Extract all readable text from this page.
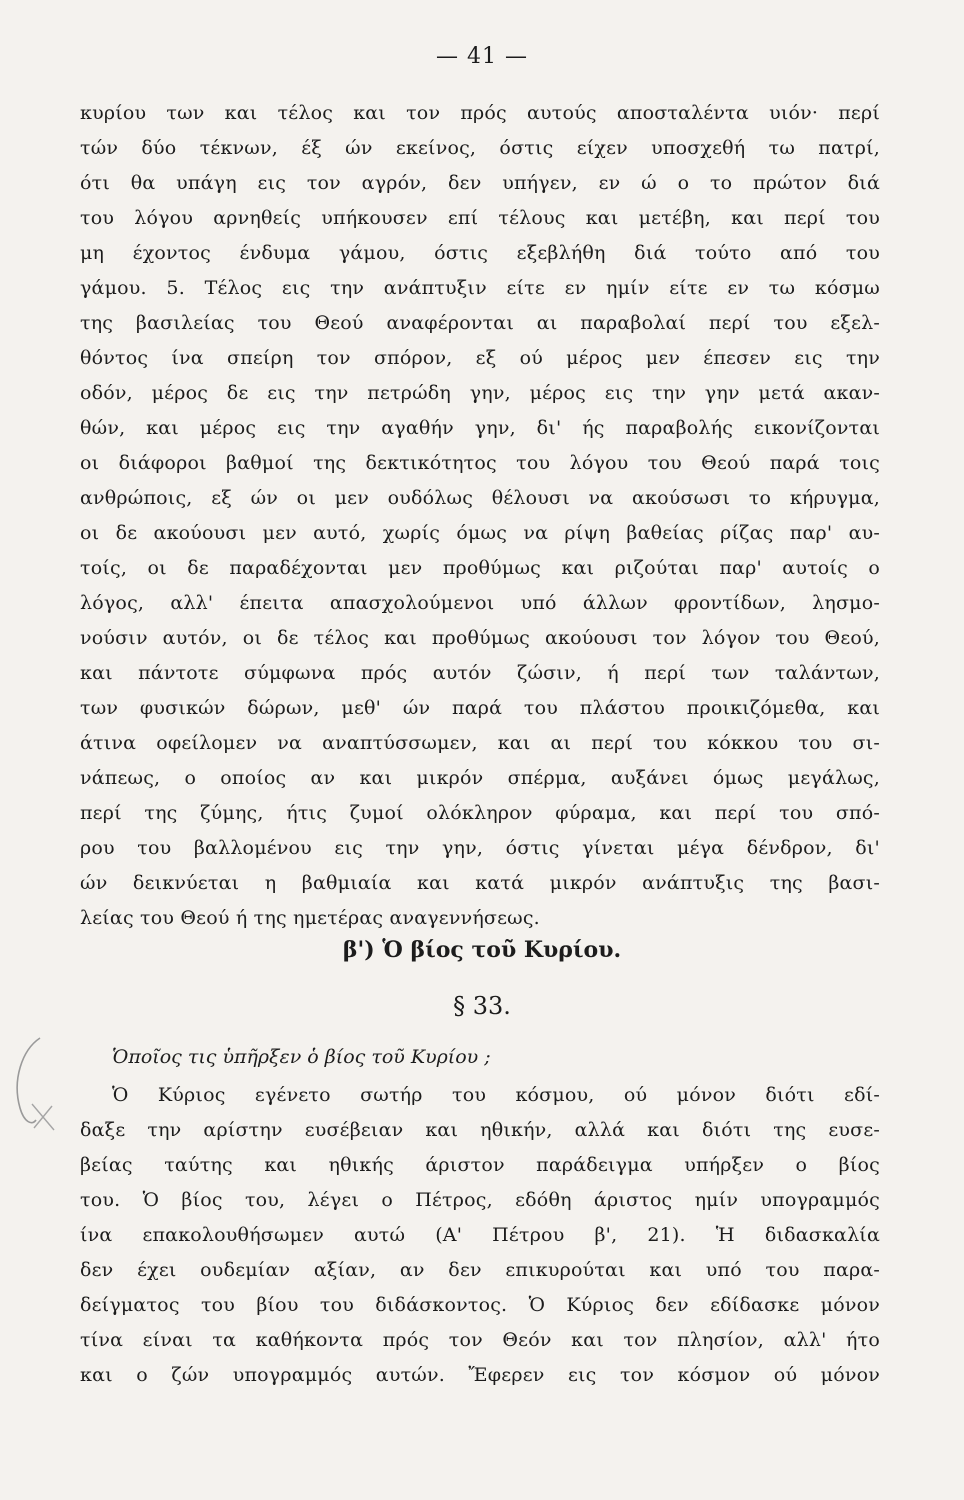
— 41 —
κυρίου των και τέλος και τον πρός αυτούς αποσταλέντα υιόν· περί
τών δύο τέκνων, έξ ών εκείνος, όστις είχεν υποσχεθή τω πατρί,
ότι θα υπάγη εις τον αγρόν, δεν υπήγεν, εν ώ ο το πρώτον διά
του λόγου αρνηθείς υπήκουσεν επί τέλους και μετέβη, και περί του
μη έχοντος ένδυμα γάμου, όστις εξεβλήθη διά τούτο από του
γάμου. 5. Τέλος εις την ανάπτυξιν είτε εν ημίν είτε εν τω κόσμω
της βασιλείας του Θεού αναφέρονται αι παραβολαί περί του εξελ-
θόντος ίνα σπείρη τον σπόρον, εξ ού μέρος μεν έπεσεν εις την
οδόν, μέρος δε εις την πετρώδη γην, μέρος εις την γην μετά ακαν-
θών, και μέρος εις την αγαθήν γην, δι' ής παραβολής εικονίζονται
οι διάφοροι βαθμοί της δεκτικότητος του λόγου του Θεού παρά τοις
ανθρώποις, εξ ών οι μεν ουδόλως θέλουσι να ακούσωσι το κήρυγμα,
οι δε ακούουσι μεν αυτό, χωρίς όμως να ρίψη βαθείας ρίζας παρ' αυ-
τοίς, οι δε παραδέχονται μεν προθύμως και ριζούται παρ' αυτοίς ο
λόγος, αλλ' έπειτα απασχολούμενοι υπό άλλων φροντίδων, λησμο-
νούσιν αυτόν, οι δε τέλος και προθύμως ακούουσι τον λόγον του Θεού,
και πάντοτε σύμφωνα πρός αυτόν ζώσιν, ή περί των ταλάντων,
των φυσικών δώρων, μεθ' ών παρά του πλάστου προικιζόμεθα, και
άτινα οφείλομεν να αναπτύσσωμεν, και αι περί του κόκκου του σι-
νάπεως, ο οποίος αν και μικρόν σπέρμα, αυξάνει όμως μεγάλως,
περί της ζύμης, ήτις ζυμοί ολόκληρον φύραμα, και περί του σπό-
ρου του βαλλομένου εις την γην, όστις γίνεται μέγα δένδρον, δι'
ών δεικνύεται η βαθμιαία και κατά μικρόν ανάπτυξις της βασι-
λείας του Θεού ή της ημετέρας αναγεννήσεως.
β') Ὁ βίος τοῦ Κυρίου.
§ 33.
Ὁποῖος τις ὑπῆρξεν ὁ βίος τοῦ Κυρίου ;
Ὁ Κύριος εγένετο σωτήρ του κόσμου, ού μόνον διότι εδί-
δαξε την αρίστην ευσέβειαν και ηθικήν, αλλά και διότι της ευσε-
βείας ταύτης και ηθικής άριστον παράδειγμα υπήρξεν ο βίος
του. Ὁ βίος του, λέγει ο Πέτρος, εδόθη άριστος ημίν υπογραμμός
ίνα επακολουθήσωμεν αυτώ (Α' Πέτρου β', 21). Ἡ διδασκαλία
δεν έχει ουδεμίαν αξίαν, αν δεν επικυρούται και υπό του παρα-
δείγματος του βίου του διδάσκοντος. Ὁ Κύριος δεν εδίδασκε μόνον
τίνα είναι τα καθήκοντα πρός τον Θεόν και τον πλησίον, αλλ' ήτο
και ο ζών υπογραμμός αυτών. Ἔφερεν εις τον κόσμον ού μόνον
